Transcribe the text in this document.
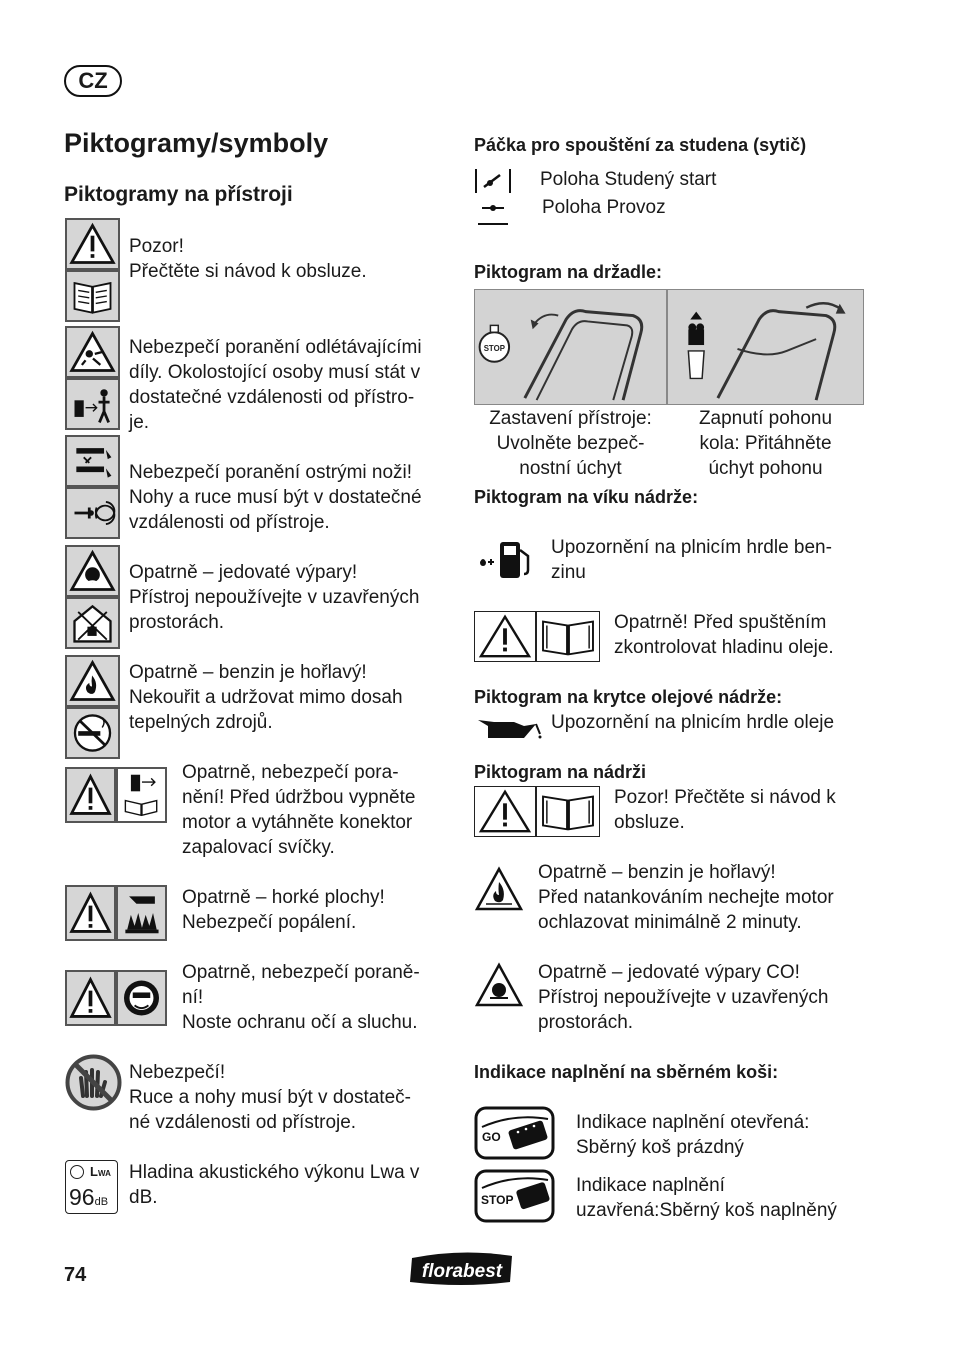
CZ
Piktogramy/symboly
Piktogramy na přístroji
Pozor!
Přečtěte si návod k obsluze.
Nebezpečí poranění odlétávajícími
díly. Okolostojící osoby musí stát v
dostatečné vzdálenosti od přístro-
je.
Nebezpečí poranění ostrými noži!
Nohy a ruce musí být v dostatečné
vzdálenosti od přístroje.
Opatrně – jedovaté výpary!
Přístroj nepoužívejte v uzavřených
prostorách.
Opatrně – benzin je hořlavý!
Nekouřit a udržovat mimo dosah
tepelných zdrojů.
Opatrně, nebezpečí pora-
nění! Před údržbou vypněte
motor a vytáhněte konektor
zapalovací svíčky.
Opatrně – horké plochy!
Nebezpečí popálení.
Opatrně, nebezpečí poraně-
ní!
Noste ochranu očí a sluchu.
Nebezpečí!
Ruce a nohy musí být v dostateč-
né vzdálenosti od přístroje.
LWA
96dB
Hladina akustického výkonu Lwa v
dB.
Páčka pro spouštění za studena (sytič)
Poloha Studený start
Poloha Provoz
Piktogram na držadle:
STOP
Zastavení přístroje:
Uvolněte bezpeč-
nostní úchyt
Zapnutí pohonu
kola: Přitáhněte
úchyt pohonu
Piktogram na víku nádrže:
Upozornění na plnicím hrdle ben-
zinu
Opatrně! Před spuštěním
zkontrolovat hladinu oleje.
Piktogram na krytce olejové nádrže:
Upozornění na plnicím hrdle oleje
Piktogram na nádrži
Pozor! Přečtěte si návod k
obsluze.
Opatrně – benzin je hořlavý!
Před natankováním nechejte motor
ochlazovat minimálně 2 minuty.
Opatrně – jedovaté výpary CO!
Přístroj nepoužívejte v uzavřených
prostorách.
Indikace naplnění na sběrném koši:
GO
Indikace naplnění otevřená:
Sběrný koš prázdný
STOP
Indikace naplnění
uzavřená:Sběrný koš naplněný
74	florabest
